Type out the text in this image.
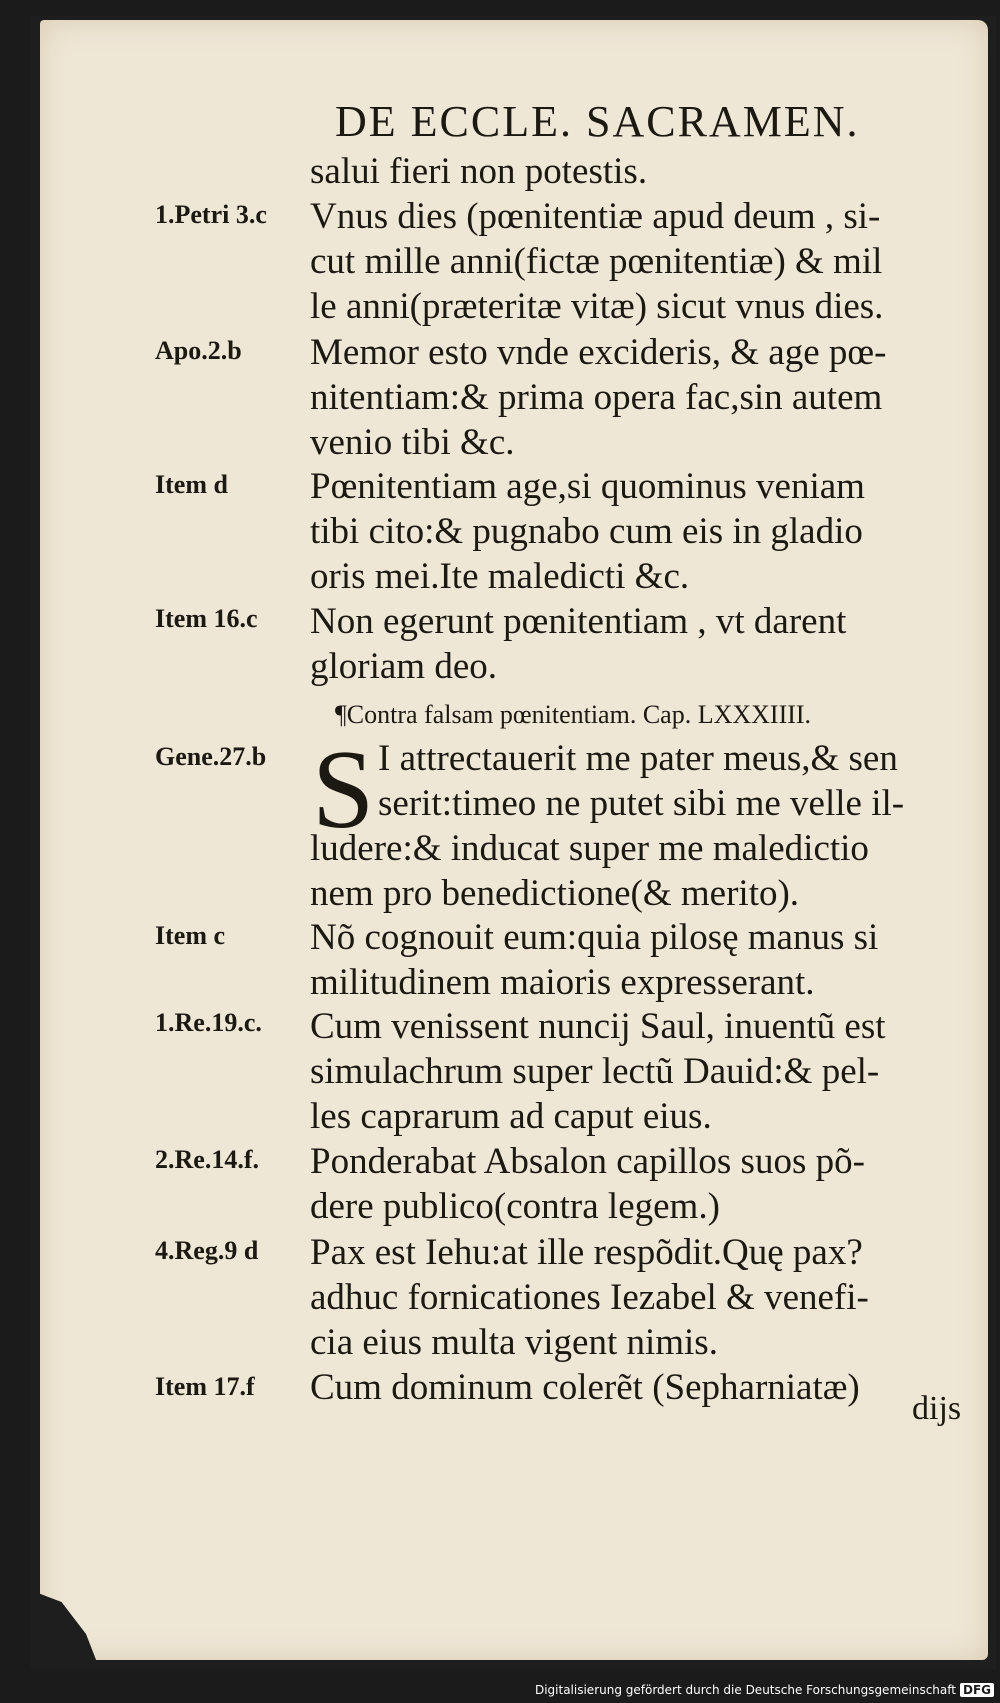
DE ECCLE. SACRAMEN.
1.Petri 3.c
Apo.2.b
Item d
Item 16.c
Gene.27.b
Item c
1.Re.19.c.
2.Re.14.f.
4.Reg.9 d
Item 17.f
salui fieri non potestis.
Vnus dies (pœnitentiæ apud deum , si-
cut mille anni(fictæ pœnitentiæ) & mil
le anni(præteritæ vitæ) sicut vnus dies.
Memor esto vnde excideris, & age pœ-
nitentiam:& prima opera fac,sin autem
venio tibi &c.
Pœnitentiam age,si quominus veniam
tibi cito:& pugnabo cum eis in gladio
oris mei.Ite maledicti &c.
Non egerunt pœnitentiam , vt darent
gloriam deo.
¶Contra falsam pœnitentiam. Cap. LXXXIIII.
S I attrectauerit me pater meus,& sen
serit:timeo ne putet sibi me velle il-
ludere:& inducat super me maledictio
nem pro benedictione(& merito).
Nõ cognouit eum:quia pilosę manus si
militudinem maioris expresserant.
Cum venissent nuncij Saul, inuentũ est
simulachrum super lectũ Dauid:& pel-
les caprarum ad caput eius.
Ponderabat Absalon capillos suos põ-
dere publico(contra legem.)
Pax est Iehu:at ille respõdit.Quę pax?
adhuc fornicationes Iezabel & venefi-
cia eius multa vigent nimis.
Cum dominum colerẽt (Sepharniatæ)
dijs
Digitalisierung gefördert durch die Deutsche Forschungsgemeinschaft DFG
